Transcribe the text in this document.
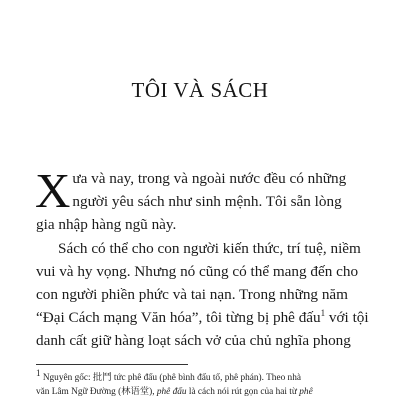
TÔI VÀ SÁCH
X ưa và nay, trong và ngoài nước đều có những
người yêu sách như sinh mệnh. Tôi sẵn lòng
gia nhập hàng ngũ này.
Sách có thể cho con người kiến thức, trí tuệ, niềm
vui và hy vọng. Nhưng nó cũng có thể mang đến cho
con người phiền phức và tai nạn. Trong những năm
“Đại Cách mạng Văn hóa”, tôi từng bị phê đấu$^1$ với tội
danh cất giữ hàng loạt sách vở của chủ nghĩa phong
1 Nguyên gốc: 批鬥 tức phê đấu (phê bình đấu tố, phê phán). Theo nhà
văn Lâm Ngữ Đường (林语堂), phê đấu là cách nói rút gọn của hai từ phê
